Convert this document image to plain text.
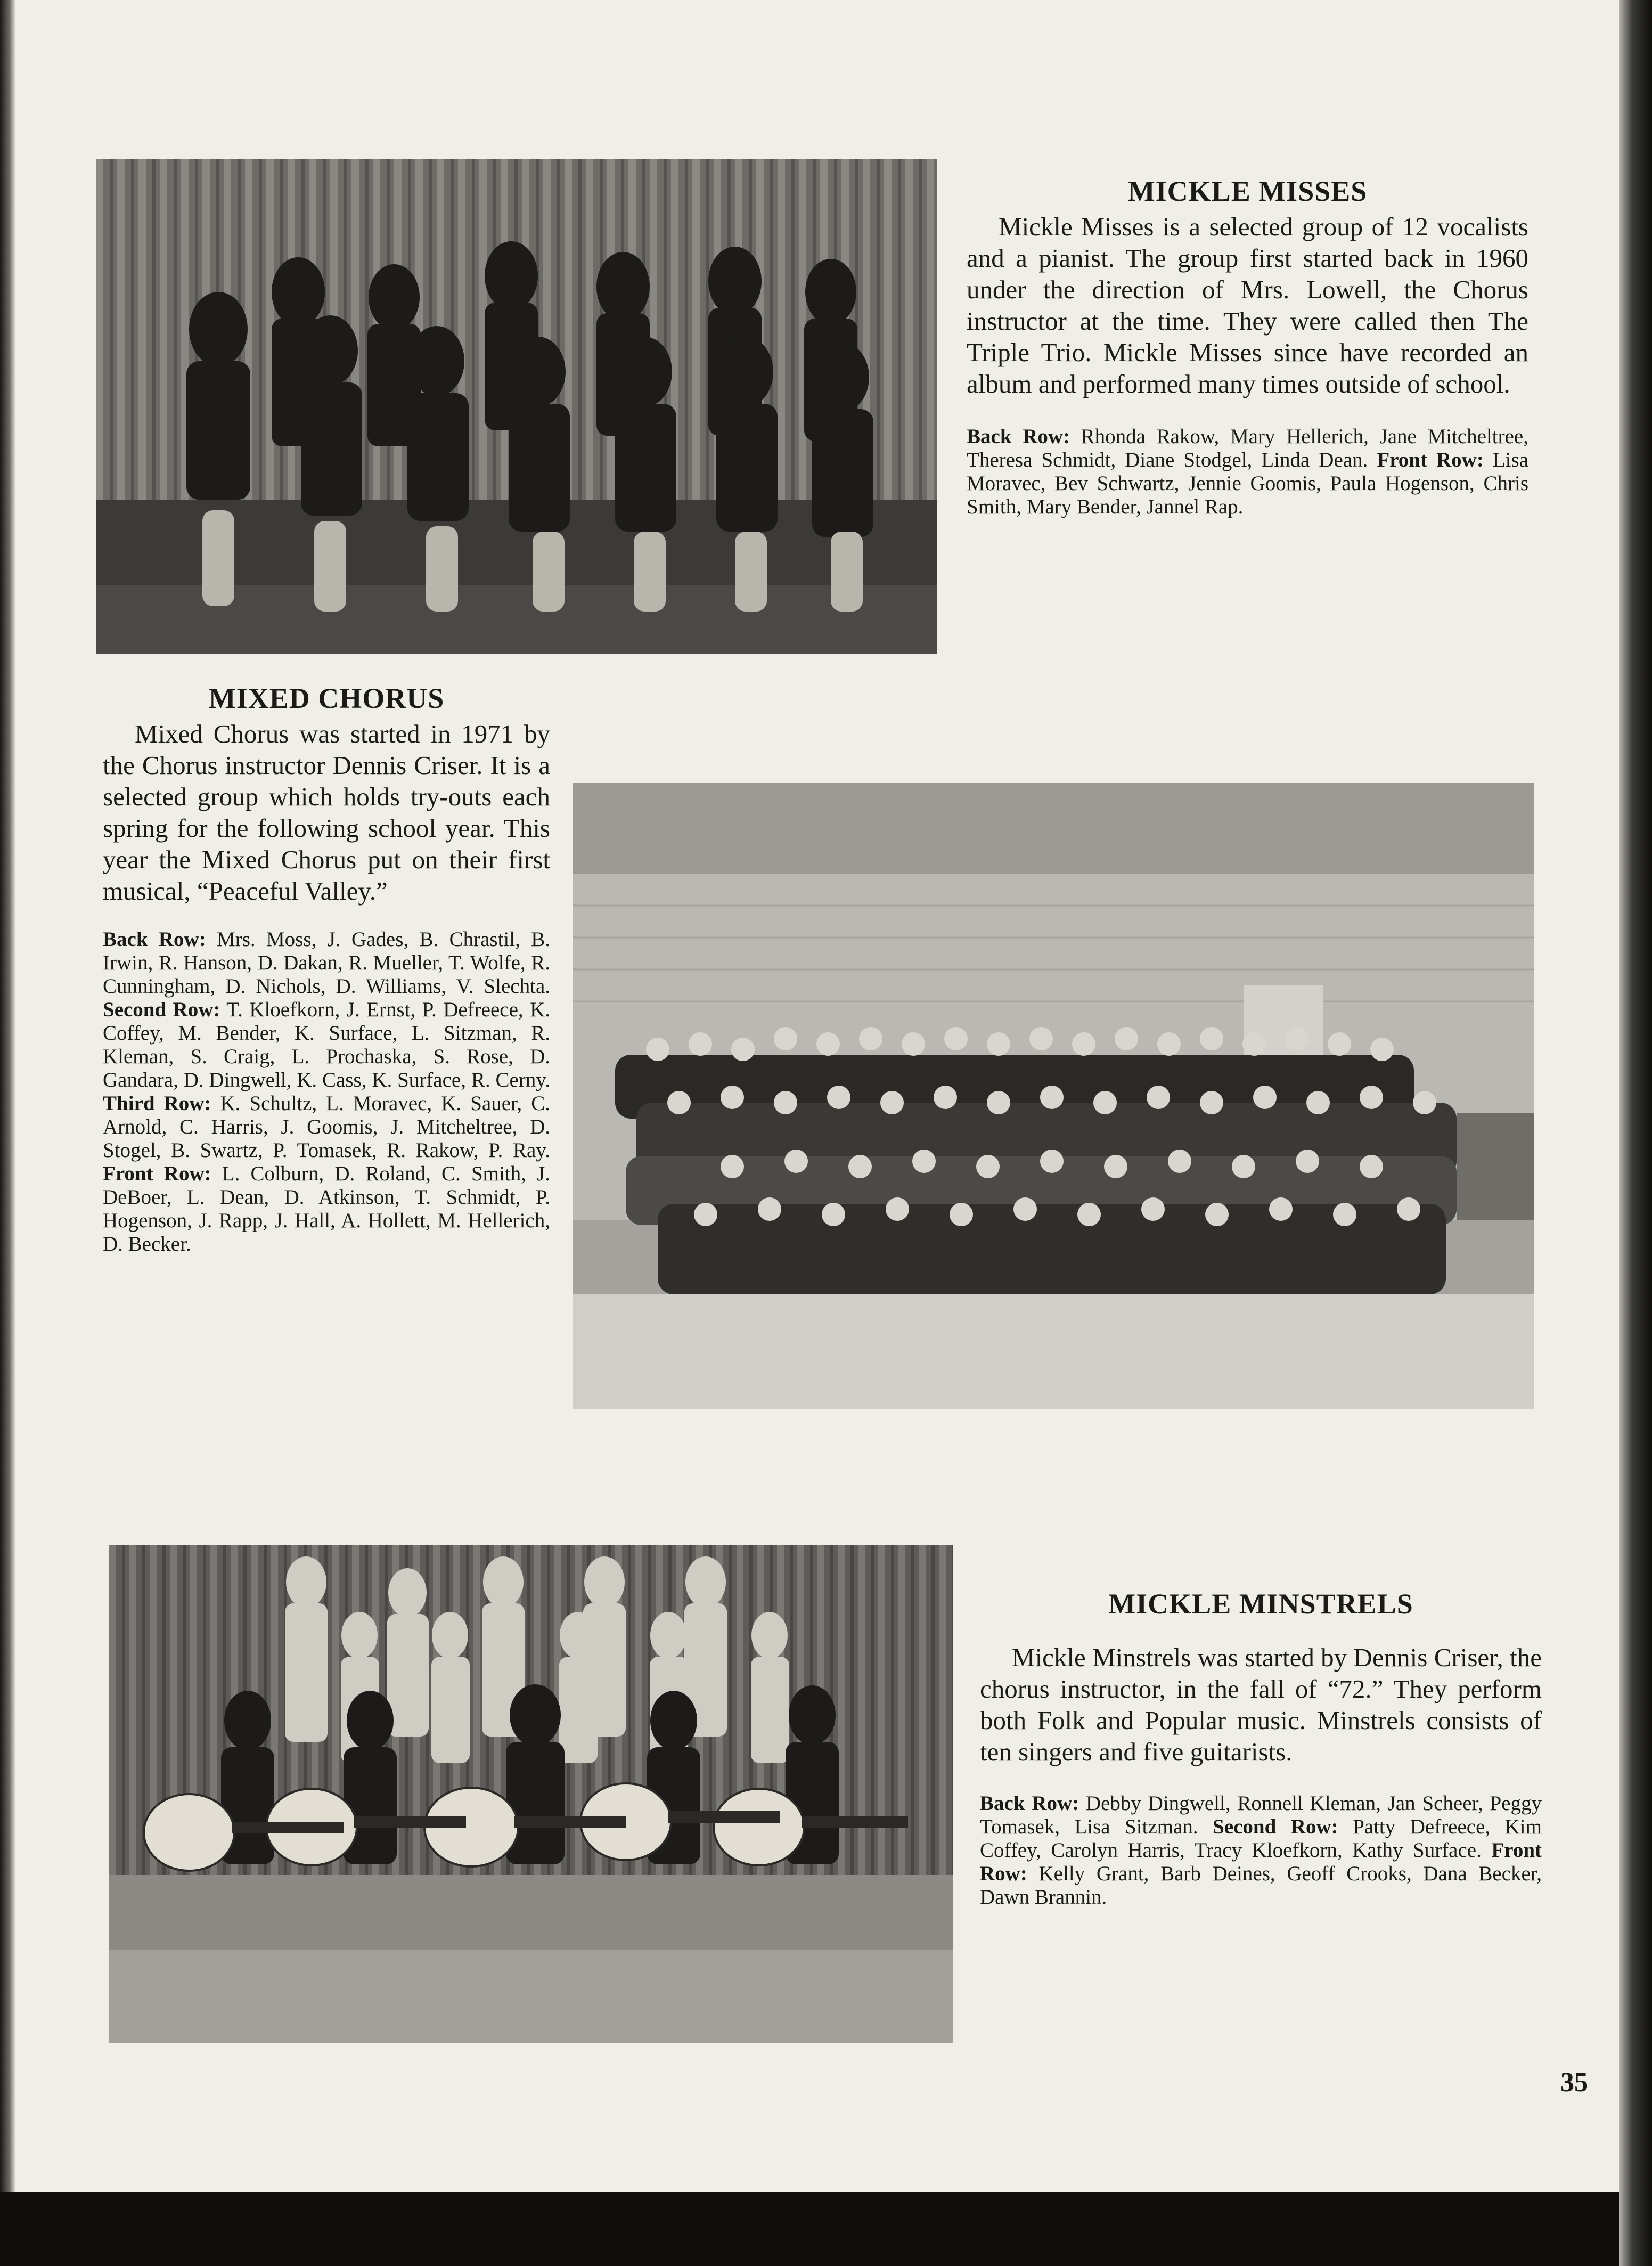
MICKLE MISSES

Mickle Misses is a selected group of 12 vocalists and a pianist. The group first started back in 1960 under the direction of Mrs. Lowell, the Chorus instructor at the time. They were called then The Triple Trio. Mickle Misses since have recorded an album and performed many times outside of school.

Back Row: Rhonda Rakow, Mary Hellerich, Jane Mitcheltree, Theresa Schmidt, Diane Stodgel, Linda Dean. Front Row: Lisa Moravec, Bev Schwartz, Jennie Goomis, Paula Hogenson, Chris Smith, Mary Bender, Jannel Rap.

MIXED CHORUS

Mixed Chorus was started in 1971 by the Chorus instructor Dennis Criser. It is a selected group which holds try-outs each spring for the following school year. This year the Mixed Chorus put on their first musical, “Peaceful Valley.”

Back Row: Mrs. Moss, J. Gades, B. Chrastil, B. Irwin, R. Hanson, D. Dakan, R. Mueller, T. Wolfe, R. Cunningham, D. Nichols, D. Williams, V. Slechta. Second Row: T. Kloefkorn, J. Ernst, P. Defreece, K. Coffey, M. Bender, K. Surface, L. Sitzman, R. Kleman, S. Craig, L. Prochaska, S. Rose, D. Gandara, D. Dingwell, K. Cass, K. Surface, R. Cerny. Third Row: K. Schultz, L. Moravec, K. Sauer, C. Arnold, C. Harris, J. Goomis, J. Mitcheltree, D. Stogel, B. Swartz, P. Tomasek, R. Rakow, P. Ray. Front Row: L. Colburn, D. Roland, C. Smith, J. DeBoer, L. Dean, D. Atkinson, T. Schmidt, P. Hogenson, J. Rapp, J. Hall, A. Hollett, M. Hellerich, D. Becker.

MICKLE MINSTRELS

Mickle Minstrels was started by Dennis Criser, the chorus instructor, in the fall of “72.” They perform both Folk and Popular music. Minstrels consists of ten singers and five guitarists.

Back Row: Debby Dingwell, Ronnell Kleman, Jan Scheer, Peggy Tomasek, Lisa Sitzman. Second Row: Patty Defreece, Kim Coffey, Carolyn Harris, Tracy Kloefkorn, Kathy Surface. Front Row: Kelly Grant, Barb Deines, Geoff Crooks, Dana Becker, Dawn Brannin.

35
